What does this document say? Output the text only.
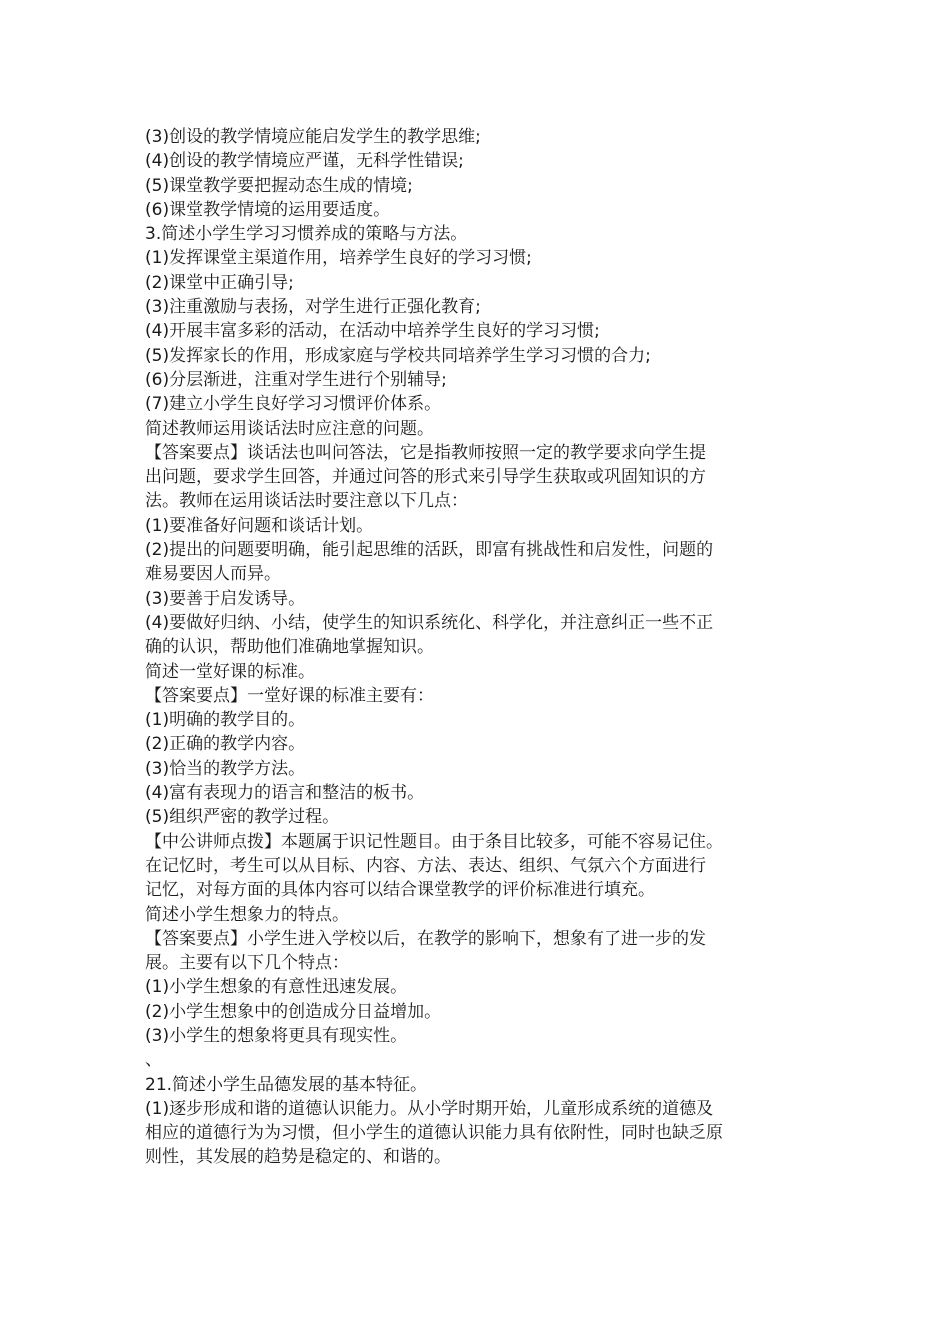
(3)创设的教学情境应能启发学生的教学思维;
(4)创设的教学情境应严谨，无科学性错误;
(5)课堂教学要把握动态生成的情境;
(6)课堂教学情境的运用要适度。
3.简述小学生学习习惯养成的策略与方法。
(1)发挥课堂主渠道作用，培养学生良好的学习习惯;
(2)课堂中正确引导;
(3)注重激励与表扬，对学生进行正强化教育;
(4)开展丰富多彩的活动，在活动中培养学生良好的学习习惯;
(5)发挥家长的作用，形成家庭与学校共同培养学生学习习惯的合力;
(6)分层渐进，注重对学生进行个别辅导;
(7)建立小学生良好学习习惯评价体系。
简述教师运用谈话法时应注意的问题。
【答案要点】谈话法也叫问答法，它是指教师按照一定的教学要求向学生提
出问题，要求学生回答，并通过问答的形式来引导学生获取或巩固知识的方
法。教师在运用谈话法时要注意以下几点：
(1)要准备好问题和谈话计划。
(2)提出的问题要明确，能引起思维的活跃，即富有挑战性和启发性，问题的
难易要因人而异。
(3)要善于启发诱导。
(4)要做好归纳、小结，使学生的知识系统化、科学化，并注意纠正一些不正
确的认识，帮助他们准确地掌握知识。
简述一堂好课的标准。
【答案要点】一堂好课的标准主要有：
(1)明确的教学目的。
(2)正确的教学内容。
(3)恰当的教学方法。
(4)富有表现力的语言和整洁的板书。
(5)组织严密的教学过程。
【中公讲师点拨】本题属于识记性题目。由于条目比较多，可能不容易记住。
在记忆时，考生可以从目标、内容、方法、表达、组织、气氛六个方面进行
记忆，对每方面的具体内容可以结合课堂教学的评价标准进行填充。
简述小学生想象力的特点。
【答案要点】小学生进入学校以后，在教学的影响下，想象有了进一步的发
展。主要有以下几个特点：
(1)小学生想象的有意性迅速发展。
(2)小学生想象中的创造成分日益增加。
(3)小学生的想象将更具有现实性。
、
21.简述小学生品德发展的基本特征。
(1)逐步形成和谐的道德认识能力。从小学时期开始，儿童形成系统的道德及
相应的道德行为为习惯，但小学生的道德认识能力具有依附性，同时也缺乏原
则性，其发展的趋势是稳定的、和谐的。
